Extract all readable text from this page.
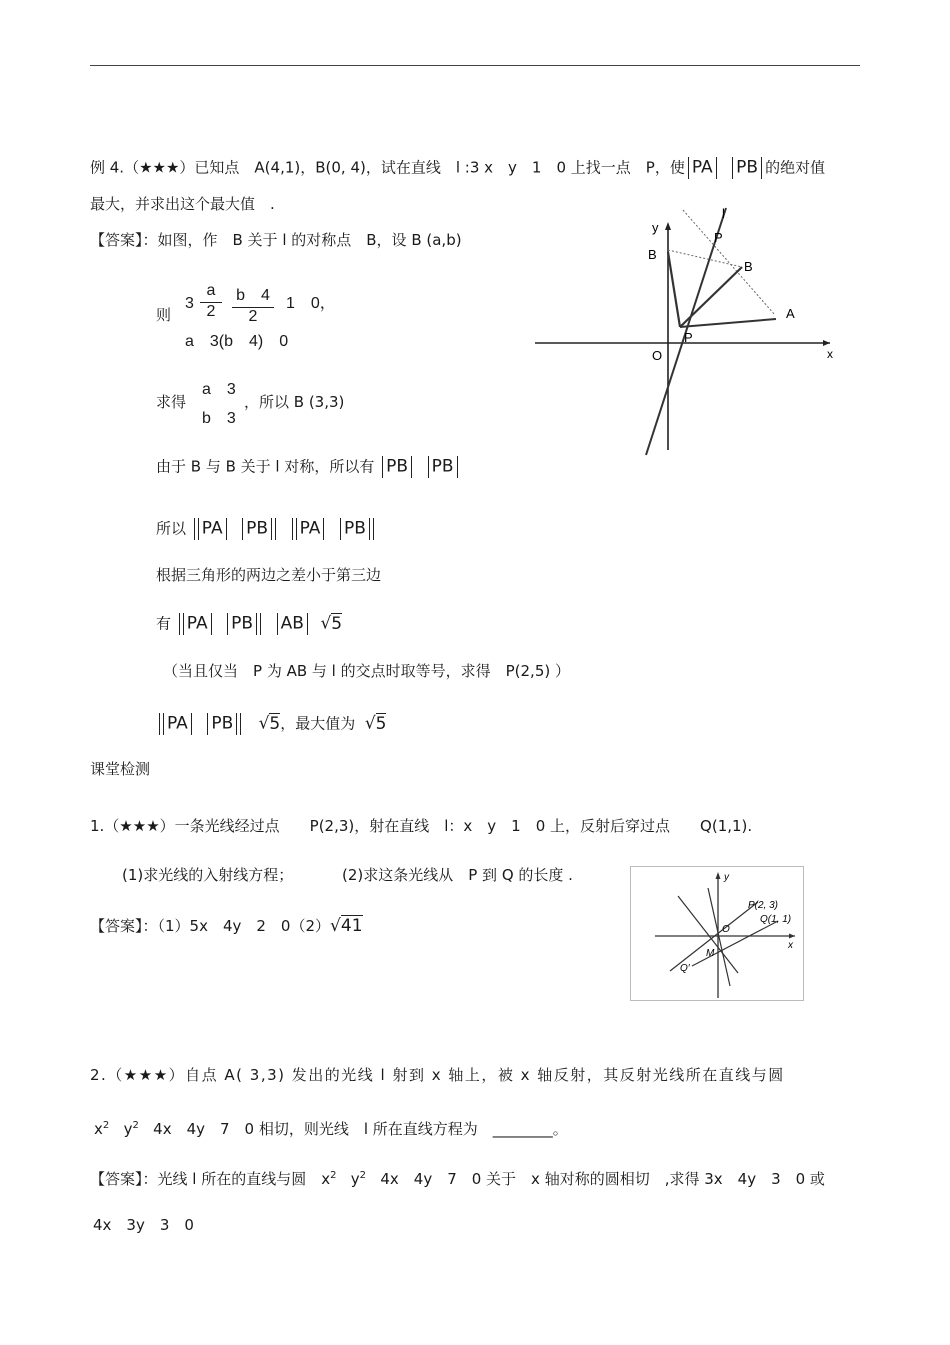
例 4.（★★★）已知点　A(4,1)，B(0, 4)，试在直线　l :3 x　y　1　0 上找一点　P，使 PA PB 的绝对值
最大，并求出这个最大值　.
【答案】：如图，作　B 关于 l 的对称点　B，设 B (a,b)
则
$3 \frac{a}{2} \frac{b 4}{2} 1$　0，
a　3(b　4)　0
求得
a　3
b　3
，所以 B (3,3)
由于 B 与 B 关于 l 对称，所以有 PB PB
所以 PA PB PA PB
根据三角形的两边之差小于第三边
有 PA PB AB √5
（当且仅当　P 为 AB 与 l 的交点时取等号，求得　P(2,5) ）
PA PB √5，最大值为 √5
课堂检测
y
l
P
B
B
A
P
O	x
1.（★★★）一条光线经过点　　P(2,3)，射在直线　l：x　y　1　0 上，反射后穿过点　　Q(1,1).
(1)求光线的入射线方程；	(2)求这条光线从　P 到 Q 的长度 .
【答案】：（1）5x　4y　2　0（2）√41
y
P(2, 3)
Q(1, 1)
x
O
M
Q′
2.（★★★）自点 A( 3,3) 发出的光线 l 射到 x 轴上，被 x 轴反射，其反射光线所在直线与圆
$x^2$ $y^2$ 4x　4y　7　0 相切，则光线　l 所在直线方程为　________。
【答案】：光线 l 所在的直线与圆　$x^2$ $y^2$ 4x　4y　7　0 关于　x 轴对称的圆相切　,求得 3x　4y　3　0 或
4x　3y　3　0
